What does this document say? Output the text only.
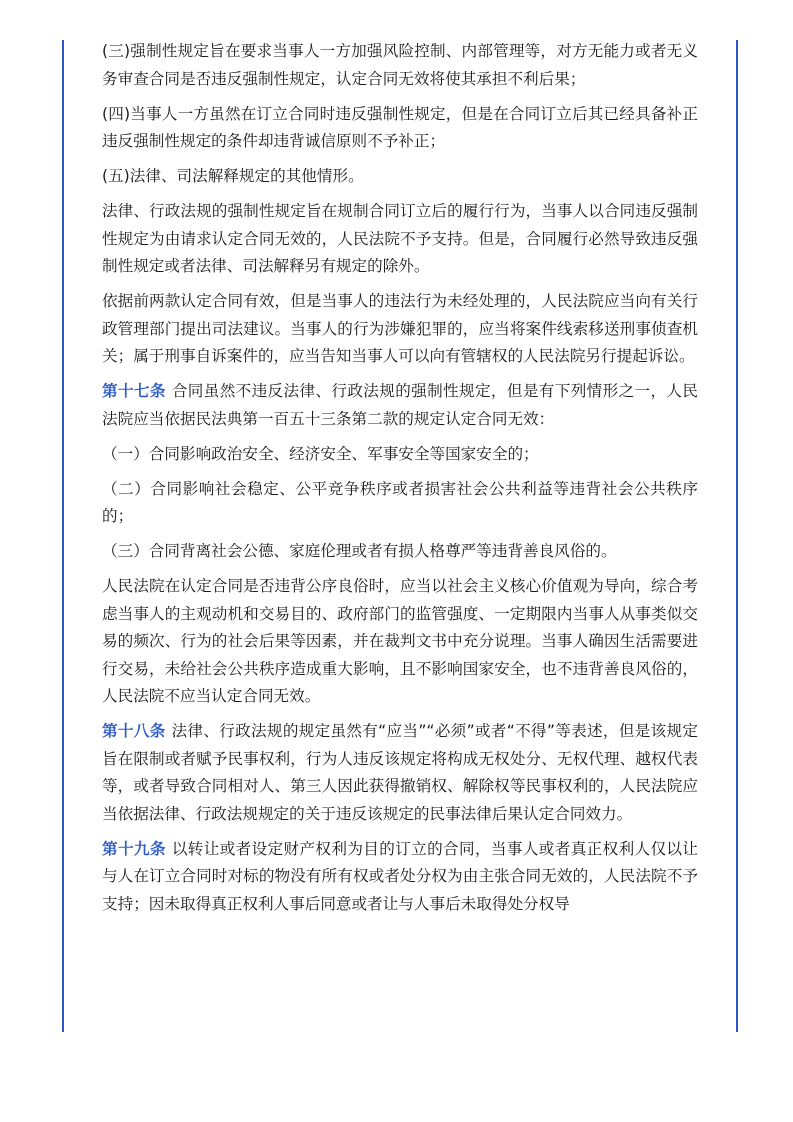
(三)强制性规定旨在要求当事人一方加强风险控制、内部管理等，对方无能力或者无义务审查合同是否违反强制性规定，认定合同无效将使其承担不利后果；

(四)当事人一方虽然在订立合同时违反强制性规定，但是在合同订立后其已经具备补正违反强制性规定的条件却违背诚信原则不予补正；

(五)法律、司法解释规定的其他情形。

法律、行政法规的强制性规定旨在规制合同订立后的履行行为，当事人以合同违反强制性规定为由请求认定合同无效的，人民法院不予支持。但是，合同履行必然导致违反强制性规定或者法律、司法解释另有规定的除外。

依据前两款认定合同有效，但是当事人的违法行为未经处理的，人民法院应当向有关行政管理部门提出司法建议。当事人的行为涉嫌犯罪的，应当将案件线索移送刑事侦查机关；属于刑事自诉案件的，应当告知当事人可以向有管辖权的人民法院另行提起诉讼。

第十七条 合同虽然不违反法律、行政法规的强制性规定，但是有下列情形之一，人民法院应当依据民法典第一百五十三条第二款的规定认定合同无效：

（一）合同影响政治安全、经济安全、军事安全等国家安全的；

（二）合同影响社会稳定、公平竞争秩序或者损害社会公共利益等违背社会公共秩序的；

（三）合同背离社会公德、家庭伦理或者有损人格尊严等违背善良风俗的。

人民法院在认定合同是否违背公序良俗时，应当以社会主义核心价值观为导向，综合考虑当事人的主观动机和交易目的、政府部门的监管强度、一定期限内当事人从事类似交易的频次、行为的社会后果等因素，并在裁判文书中充分说理。当事人确因生活需要进行交易，未给社会公共秩序造成重大影响，且不影响国家安全，也不违背善良风俗的，人民法院不应当认定合同无效。

第十八条 法律、行政法规的规定虽然有“应当”“必须”或者“不得”等表述，但是该规定旨在限制或者赋予民事权利，行为人违反该规定将构成无权处分、无权代理、越权代表等，或者导致合同相对人、第三人因此获得撤销权、解除权等民事权利的，人民法院应当依据法律、行政法规规定的关于违反该规定的民事法律后果认定合同效力。

第十九条 以转让或者设定财产权利为目的订立的合同，当事人或者真正权利人仅以让与人在订立合同时对标的物没有所有权或者处分权为由主张合同无效的，人民法院不予支持；因未取得真正权利人事后同意或者让与人事后未取得处分权导
